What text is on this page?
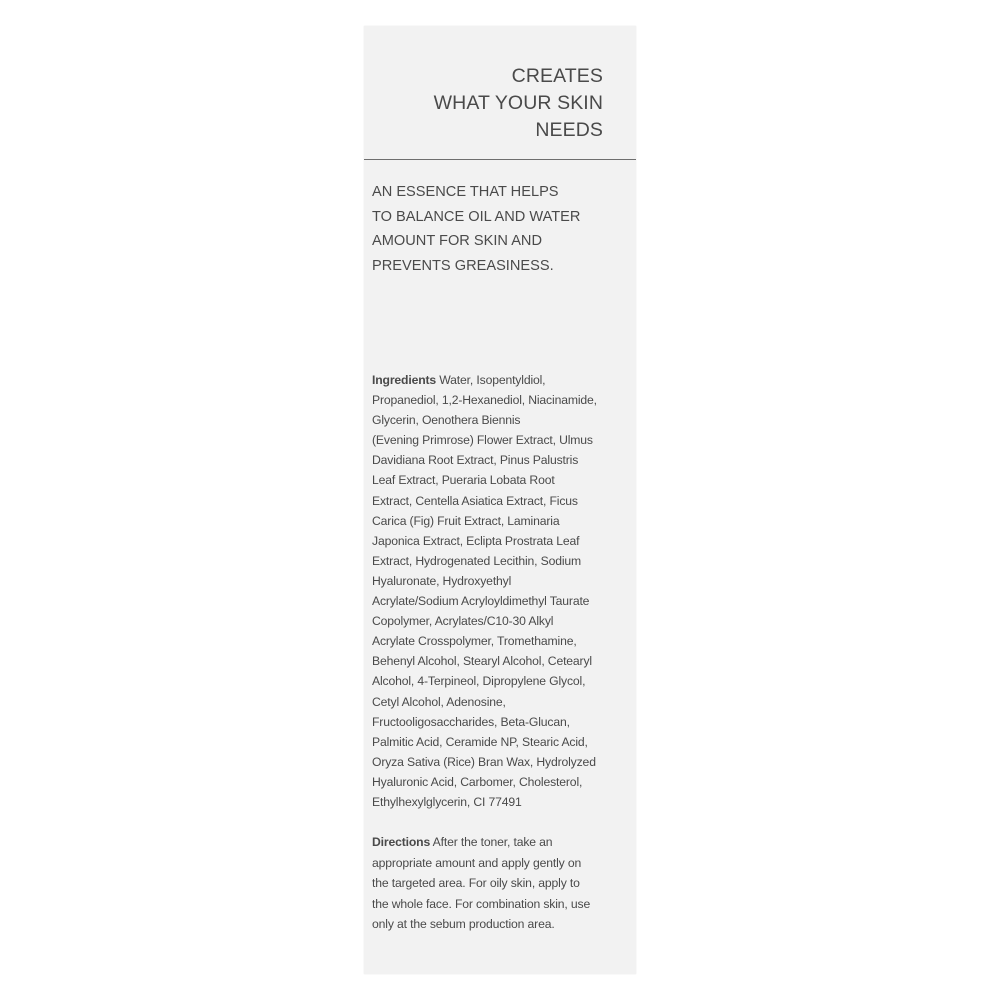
CREATES
WHAT YOUR SKIN
NEEDS
AN ESSENCE THAT HELPS
TO BALANCE OIL AND WATER
AMOUNT FOR SKIN AND
PREVENTS GREASINESS.
Ingredients Water, Isopentyldiol,
Propanediol, 1,2-Hexanediol, Niacinamide,
Glycerin, Oenothera Biennis
(Evening Primrose) Flower Extract, Ulmus
Davidiana Root Extract, Pinus Palustris
Leaf Extract, Pueraria Lobata Root
Extract, Centella Asiatica Extract, Ficus
Carica (Fig) Fruit Extract, Laminaria
Japonica Extract, Eclipta Prostrata Leaf
Extract, Hydrogenated Lecithin, Sodium
Hyaluronate, Hydroxyethyl
Acrylate/Sodium Acryloyldimethyl Taurate
Copolymer, Acrylates/C10-30 Alkyl
Acrylate Crosspolymer, Tromethamine,
Behenyl Alcohol, Stearyl Alcohol, Cetearyl
Alcohol, 4-Terpineol, Dipropylene Glycol,
Cetyl Alcohol, Adenosine,
Fructooligosaccharides, Beta-Glucan,
Palmitic Acid, Ceramide NP, Stearic Acid,
Oryza Sativa (Rice) Bran Wax, Hydrolyzed
Hyaluronic Acid, Carbomer, Cholesterol,
Ethylhexylglycerin, CI 77491
Directions After the toner, take an
appropriate amount and apply gently on
the targeted area. For oily skin, apply to
the whole face. For combination skin, use
only at the sebum production area.
